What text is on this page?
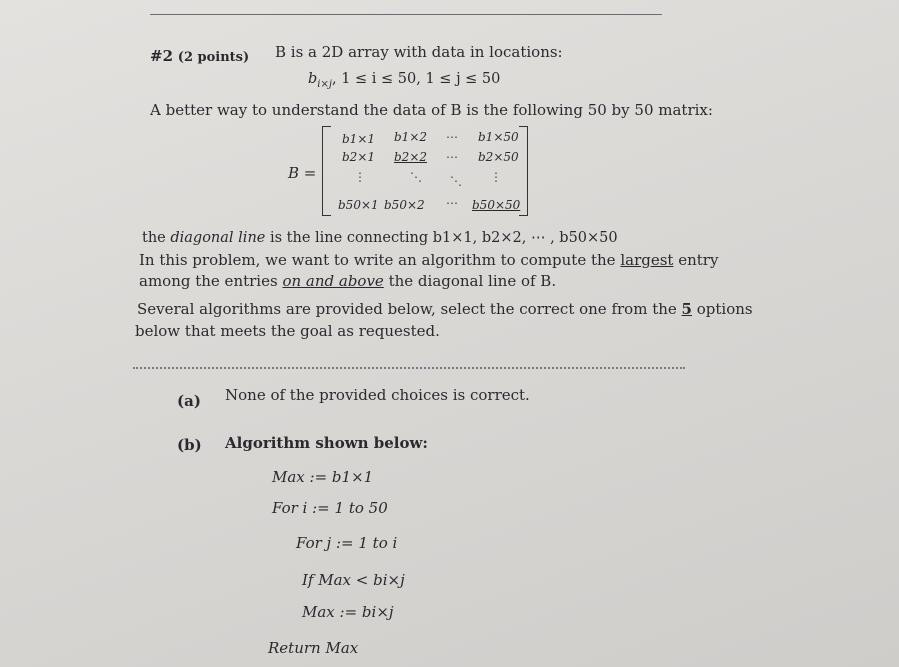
#2 (2 points) B is a 2D array with data in locations:
$b_{i\times j}$, 1 ≤ i ≤ 50, 1 ≤ j ≤ 50
A better way to understand the data of B is the following 50 by 50 matrix:
B =
b1×1 b1×2 ⋯ b1×50
b2×1 b2×2 ⋯ b2×50
⋮	⋱ ⋱ ⋮
b50×1 b50×2 ⋯ b50×50
the diagonal line is the line connecting b1×1, b2×2, ⋯ , b50×50
In this problem, we want to write an algorithm to compute the largest entry
among the entries on and above the diagonal line of B.
Several algorithms are provided below, select the correct one from the 5 options
below that meets the goal as requested.
(a) None of the provided choices is correct.
(b) Algorithm shown below:
Max := b1×1
For i := 1 to 50
For j := 1 to i
If Max < bi×j
Max := bi×j
Return Max
